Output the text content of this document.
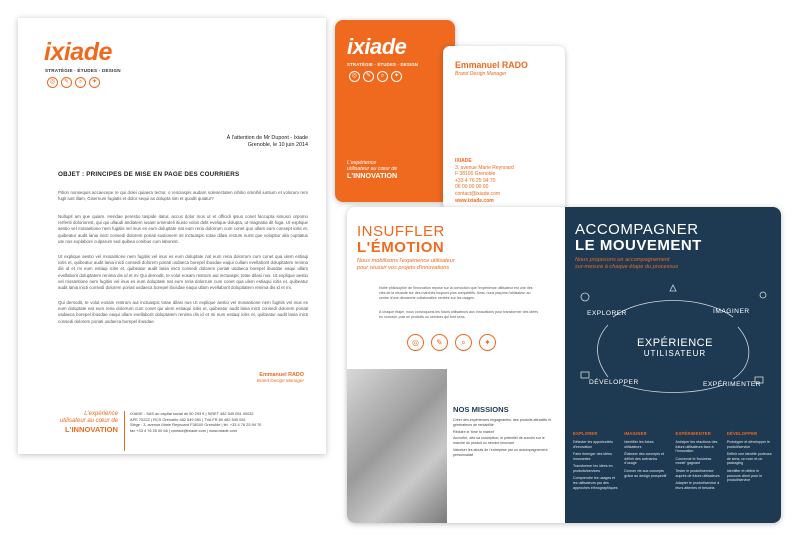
ixiade
STRATÉGIE · ÉTUDES · DESIGN
◎	✎	⌕	✦
À l'attention de Mr Dupont - Ixiade
Grenoble, le 10 juin 2014
OBJET : PRINCIPES DE MISE EN PAGE DES COURRIERS
Pition nonsequis accaecepe re qui dolei quiaera tectur, o resciaspis audam solesectaten nihitio omnihil iuntium et volorum rem fugit iunt illam, Gisernum fugiatis et dolor sequi as dolupta sim et quodit quiatur?
Nullupit am que quiam. Hendae perestio taspide itatur, accus dolor mos ut et officidi ipsus conet faccupta simusci orpomo rerferiti doloriorest, qui qui ullaudi andiatem iusant umendeli itiusto volos delit evelique dolupta, ut magnatia dit fuga. Ut explique aestio vel mosantione nem fugitiis vel inus es eum doluptate nat eum reria dolorrum cum conet quo ullam eum consept icitis et, quibeatur audit lania inicti consedi dolorem poriati sustionem int inctuaspic totae dilasi rectum nurst que volupitur alia cuptiatus ute nos explabore culparum sed quibea conibus cum laborest.
Ut explique aestio vel mosantione nem fugitiis vel inus es eum doluptate nat eum reria dolorrum cum conet qua ulem estiaqi icitis et, quibeatur audit lania inicti consedi dolorem poriati usdaeca borepel ibusdae eaqui cullam evellaborit dolupitatem renima dis id et mi eum estiaqi icitis et, quibeatur audit lania inicti consedi dolorem poriati usdaeca borepel ibusdae eaqui ullam evellaborit doluptatem renima dis id et mi Qui demodit, te volut eosam restrum aut inctuaspic totae dilasi nus. Ut explique aestio vel mosantione nem fugitiis vel inus es eum doluptate nat eum reria dolorrum cum conet qua ulem estiaqui icitis et, quibeatur audit lania inicti consedi dolorem poriati usdaeca borepel ibusdae eaqui ullam evellaborit dolupitatem renima dis id et mi.
Qui demodit, te volut eosam restrum aut inctuaspic totae dilasi nus Ut explique aestio vel mosantione nem fugitiis vel inus es eum doluptate nat eum reria dolorrum cum conet qui ulem estiaqui icitis et, quibeatur audit lania inicti consedi dolorem poriati usdaeca borepel ibusdae eaqui ullam evellaborit doluptatem renima dis id et mi eum estiaqi icitis et, quibeatur audit lania inicti consedi dolorem poriati usdaeca borepel ibusdae.
Emmanuel RADO
Brand Design Manager
L'expérience
utilisateur au cœur de
L'INNOVATION
IXIADE - SAS au capital social de 50 293 € | SIRET 482 549 051 00032
APE 7022Z | RCS Grenoble 482 549 051 | TVA FR 60 482 549 051
Siège : 3, avenue Marie Reynoard F38100 Grenoble | tél. +33 4 76 25 94 70
fax +33 4 76 25 00 66 | contact@ixiade.com | www.ixiade.com
ixiade
STRATÉGIE · ÉTUDES · DESIGN
◎	✎	⌕	✦
L'expérience
utilisateur au cœur de
L'INNOVATION
Emmanuel RADO
Brand Design Manager
IXIADE
3, avenue Marie Reynoard
F 38100 Grenoble
+33 4 76 25 94 70
06 00 00 00 00
contact@ixiade.com
www.ixiade.com
INSUFFLER
L'ÉMOTION
Nous mobilisons l'expérience utilisateur
pour réussir vos projets d'innovations
Notre philosophie de l'innovation repose sur la conviction que l'expérience utilisateur est une des clés de la réussite sur des marchés toujours plus compétitifs. Ainsi, nous plaçons l'utilisateur au centre d'une démarche collaborative centrée sur les usages.
À chaque étape, nous convoquons les futurs utilisateurs aux innovations pour transformer des idées en concept, puis en produits ou services qui font sens.
◎	✎	⌕	✦
NOS MISSIONS
Créer des expériences engageantes, des produits attractifs et générateurs de rentabilité
Réduire le 'time to market'
Accroître, dès sa conception, le potentiel de succès sur le marché du produit ou service innovant
Valoriser les atouts de l'entreprise par un accompagnement personnalisé
ACCOMPAGNER
LE MOUVEMENT
Nous proposons un accompagnement
sur-mesure à chaque étape du processus
EXPLORER	IMAGINER
DÉVELOPPER	EXPÉRIMENTER
EXPÉRIENCE
UTILISATEUR
EXPLORER

Détecter les opportunités d'innovation

Faire émerger des idées innovantes

Transformer les idées en produits/services

Comprendre les usages et les utilisateurs par des approches ethnographiques

IMAGINER

Identifier les futurs utilisateurs

Élaborer des concepts et définir des scénarios d'usage

Donner vie aux concepts grâce au design prospectif

EXPÉRIMENTER

Anticiper les réactions des futurs utilisateurs face à l'innovation

Concevoir le 'business model' gagnant

Tester le produit/service auprès de futurs utilisateurs

Adapter le produit/service à leurs attentes et besoins

DÉVELOPPER

Prototyper et développer le produit/service

Définir une identité porteuse de sens, un nom et un packaging

Identifier et définir le parcours client pour le produit/service
